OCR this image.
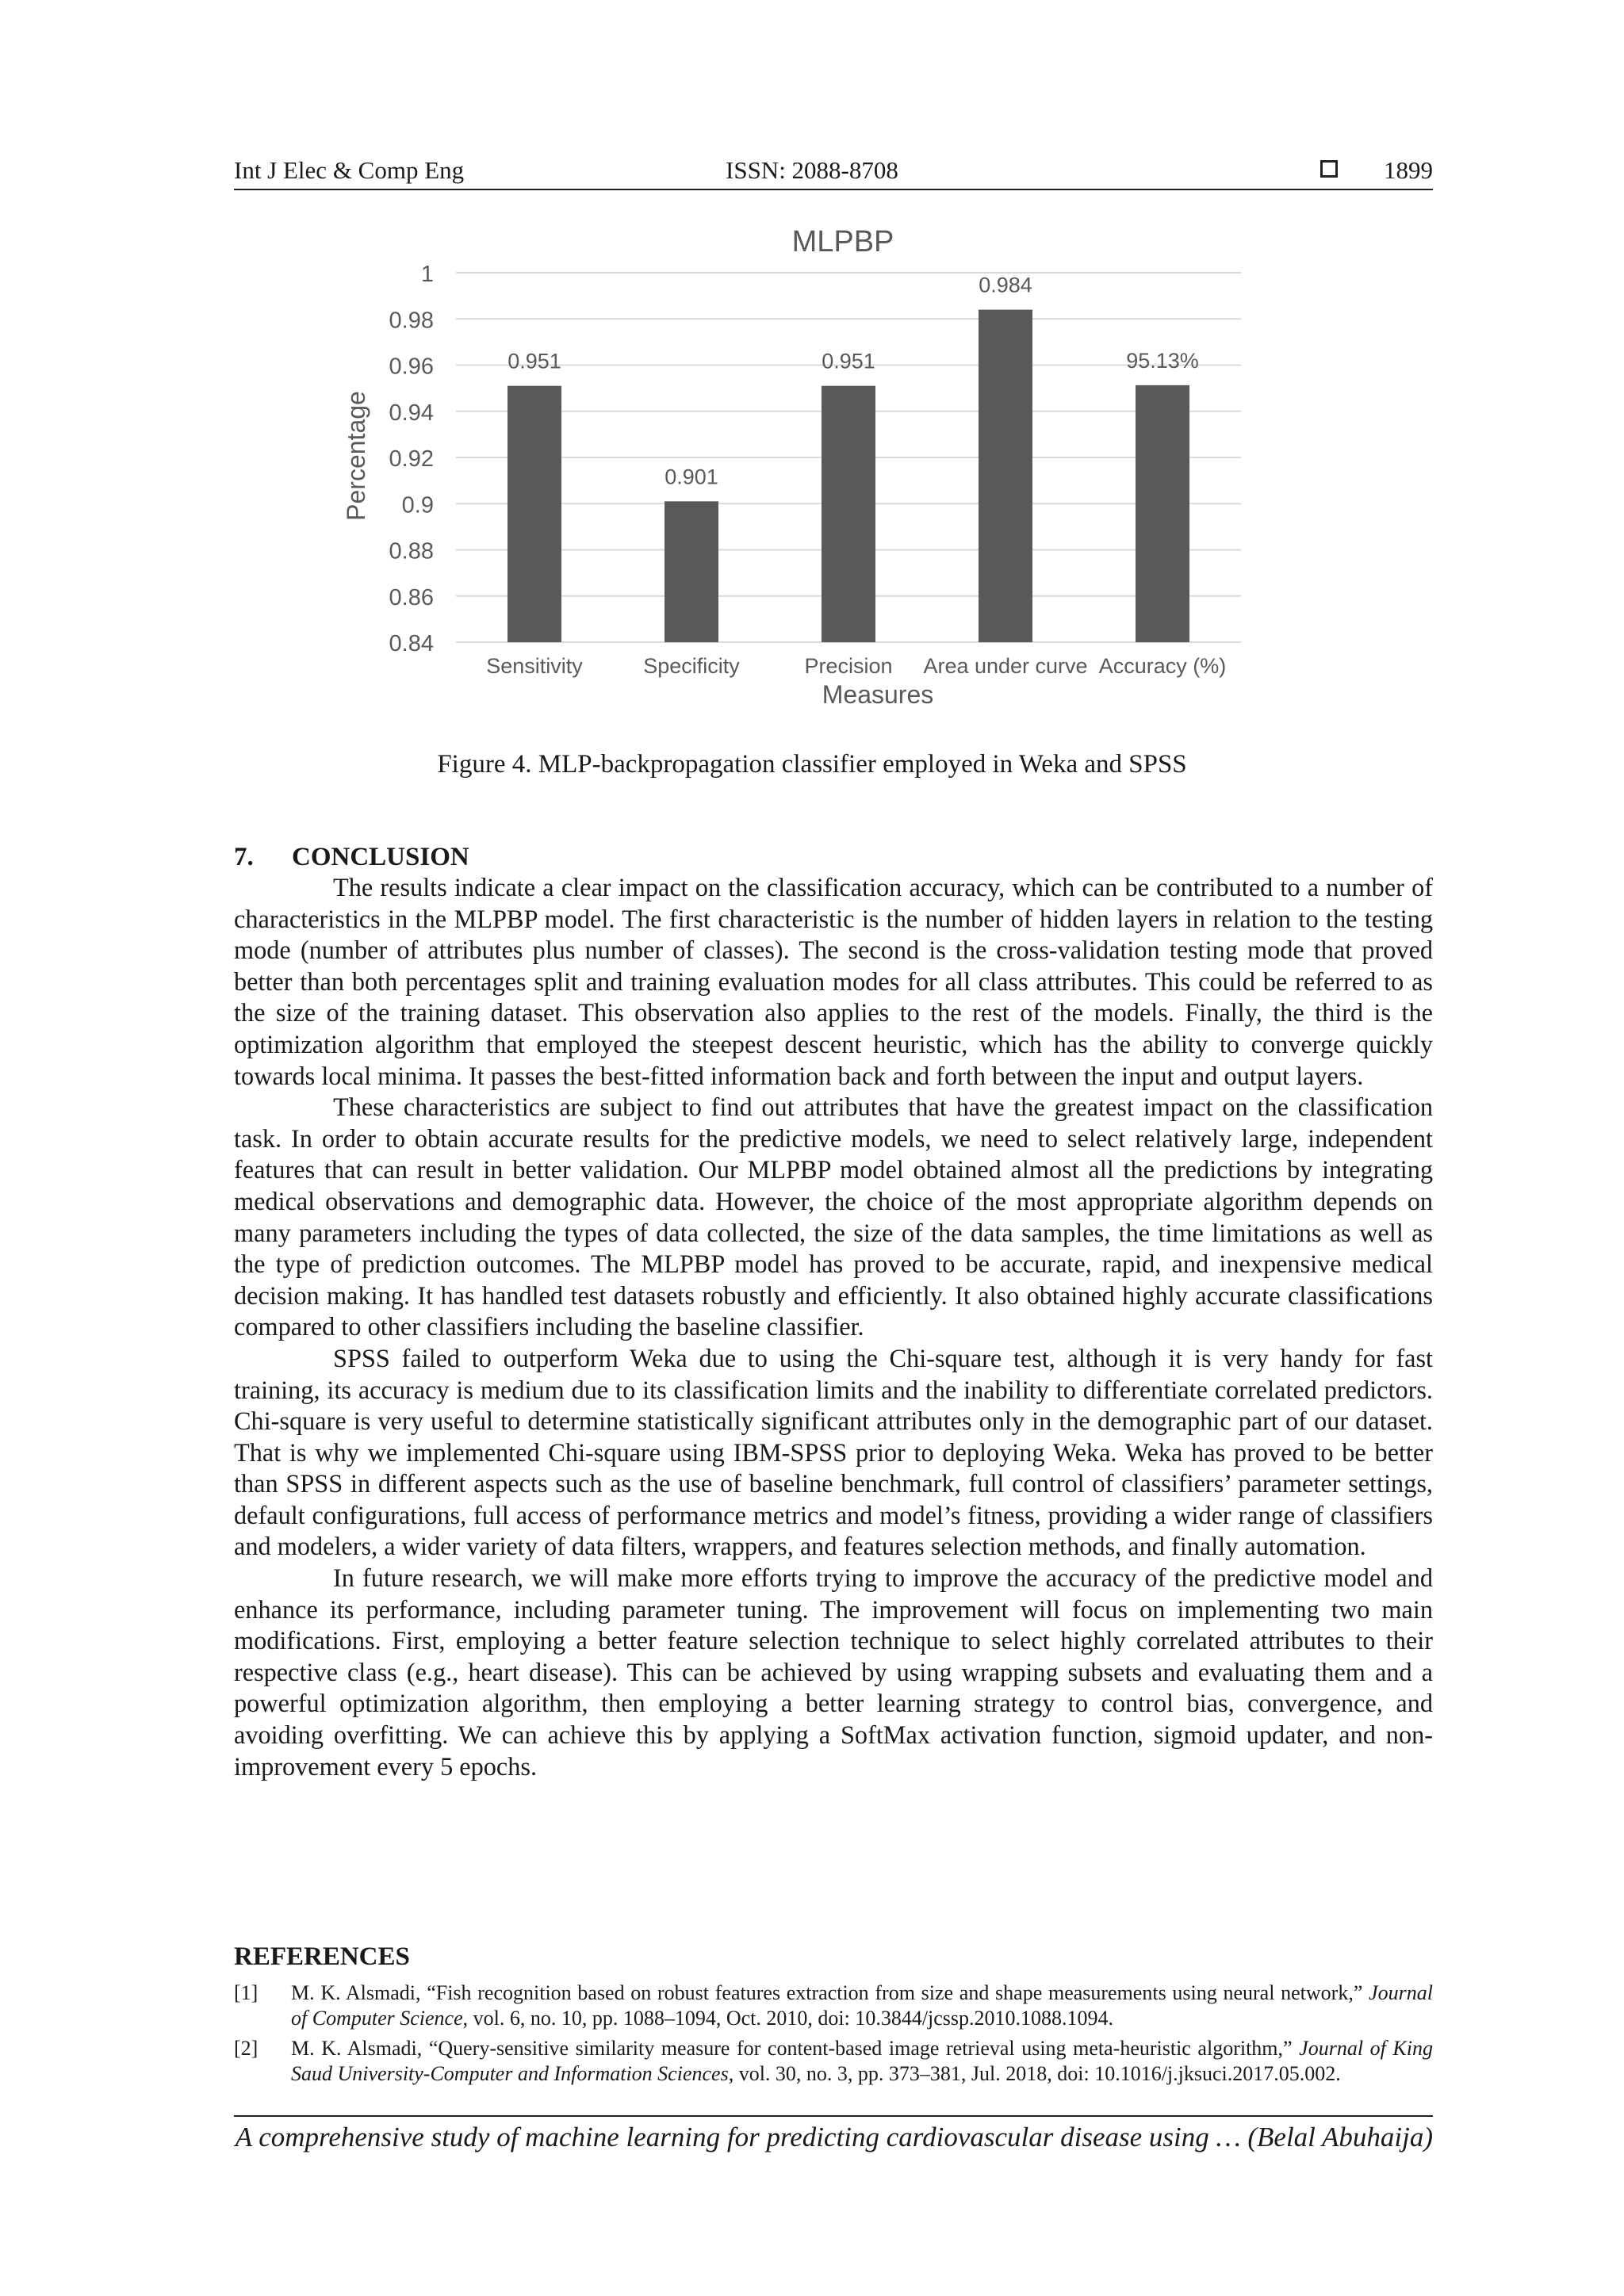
Int J Elec & Comp Eng	ISSN: 2088-8708	1899
MLPBP
0.84
0.86
0.88
0.9
0.92
0.94
0.96
0.98
1
Sensitivity	Specificity	Precision Area under curve Accuracy (%)
0.951
0.901
0.951
0.984
95.13%
Measures
Percentage
Figure 4. MLP-backpropagation classifier employed in Weka and SPSS
7. CONCLUSION

The results indicate a clear impact on the classification accuracy, which can be contributed to a number of characteristics in the MLPBP model. The first characteristic is the number of hidden layers in relation to the testing mode (number of attributes plus number of classes). The second is the cross-validation testing mode that proved better than both percentages split and training evaluation modes for all class attributes. This could be referred to as the size of the training dataset. This observation also applies to the rest of the models. Finally, the third is the optimization algorithm that employed the steepest descent heuristic, which has the ability to converge quickly towards local minima. It passes the best-fitted information back and forth between the input and output layers.

These characteristics are subject to find out attributes that have the greatest impact on the classification task. In order to obtain accurate results for the predictive models, we need to select relatively large, independent features that can result in better validation. Our MLPBP model obtained almost all the predictions by integrating medical observations and demographic data. However, the choice of the most appropriate algorithm depends on many parameters including the types of data collected, the size of the data samples, the time limitations as well as the type of prediction outcomes. The MLPBP model has proved to be accurate, rapid, and inexpensive medical decision making. It has handled test datasets robustly and efficiently. It also obtained highly accurate classifications compared to other classifiers including the baseline classifier.

SPSS failed to outperform Weka due to using the Chi-square test, although it is very handy for fast training, its accuracy is medium due to its classification limits and the inability to differentiate correlated predictors. Chi-square is very useful to determine statistically significant attributes only in the demographic part of our dataset. That is why we implemented Chi-square using IBM-SPSS prior to deploying Weka. Weka has proved to be better than SPSS in different aspects such as the use of baseline benchmark, full control of classifiers’ parameter settings, default configurations, full access of performance metrics and model’s fitness, providing a wider range of classifiers and modelers, a wider variety of data filters, wrappers, and features selection methods, and finally automation.

In future research, we will make more efforts trying to improve the accuracy of the predictive model and enhance its performance, including parameter tuning. The improvement will focus on implementing two main modifications. First, employing a better feature selection technique to select highly correlated attributes to their respective class (e.g., heart disease). This can be achieved by using wrapping subsets and evaluating them and a powerful optimization algorithm, then employing a better learning strategy to control bias, convergence, and avoiding overfitting. We can achieve this by applying a SoftMax activation function, sigmoid updater, and non-improvement every 5 epochs.

REFERENCES
[1] M. K. Alsmadi, “Fish recognition based on robust features extraction from size and shape measurements using neural network,” Journal of Computer Science, vol. 6, no. 10, pp. 1088–1094, Oct. 2010, doi: 10.3844/jcssp.2010.1088.1094.
[2] M. K. Alsmadi, “Query-sensitive similarity measure for content-based image retrieval using meta-heuristic algorithm,” Journal of King Saud University-Computer and Information Sciences, vol. 30, no. 3, pp. 373–381, Jul. 2018, doi: 10.1016/j.jksuci.2017.05.002.
A comprehensive study of machine learning for predicting cardiovascular disease using … (Belal Abuhaija)
